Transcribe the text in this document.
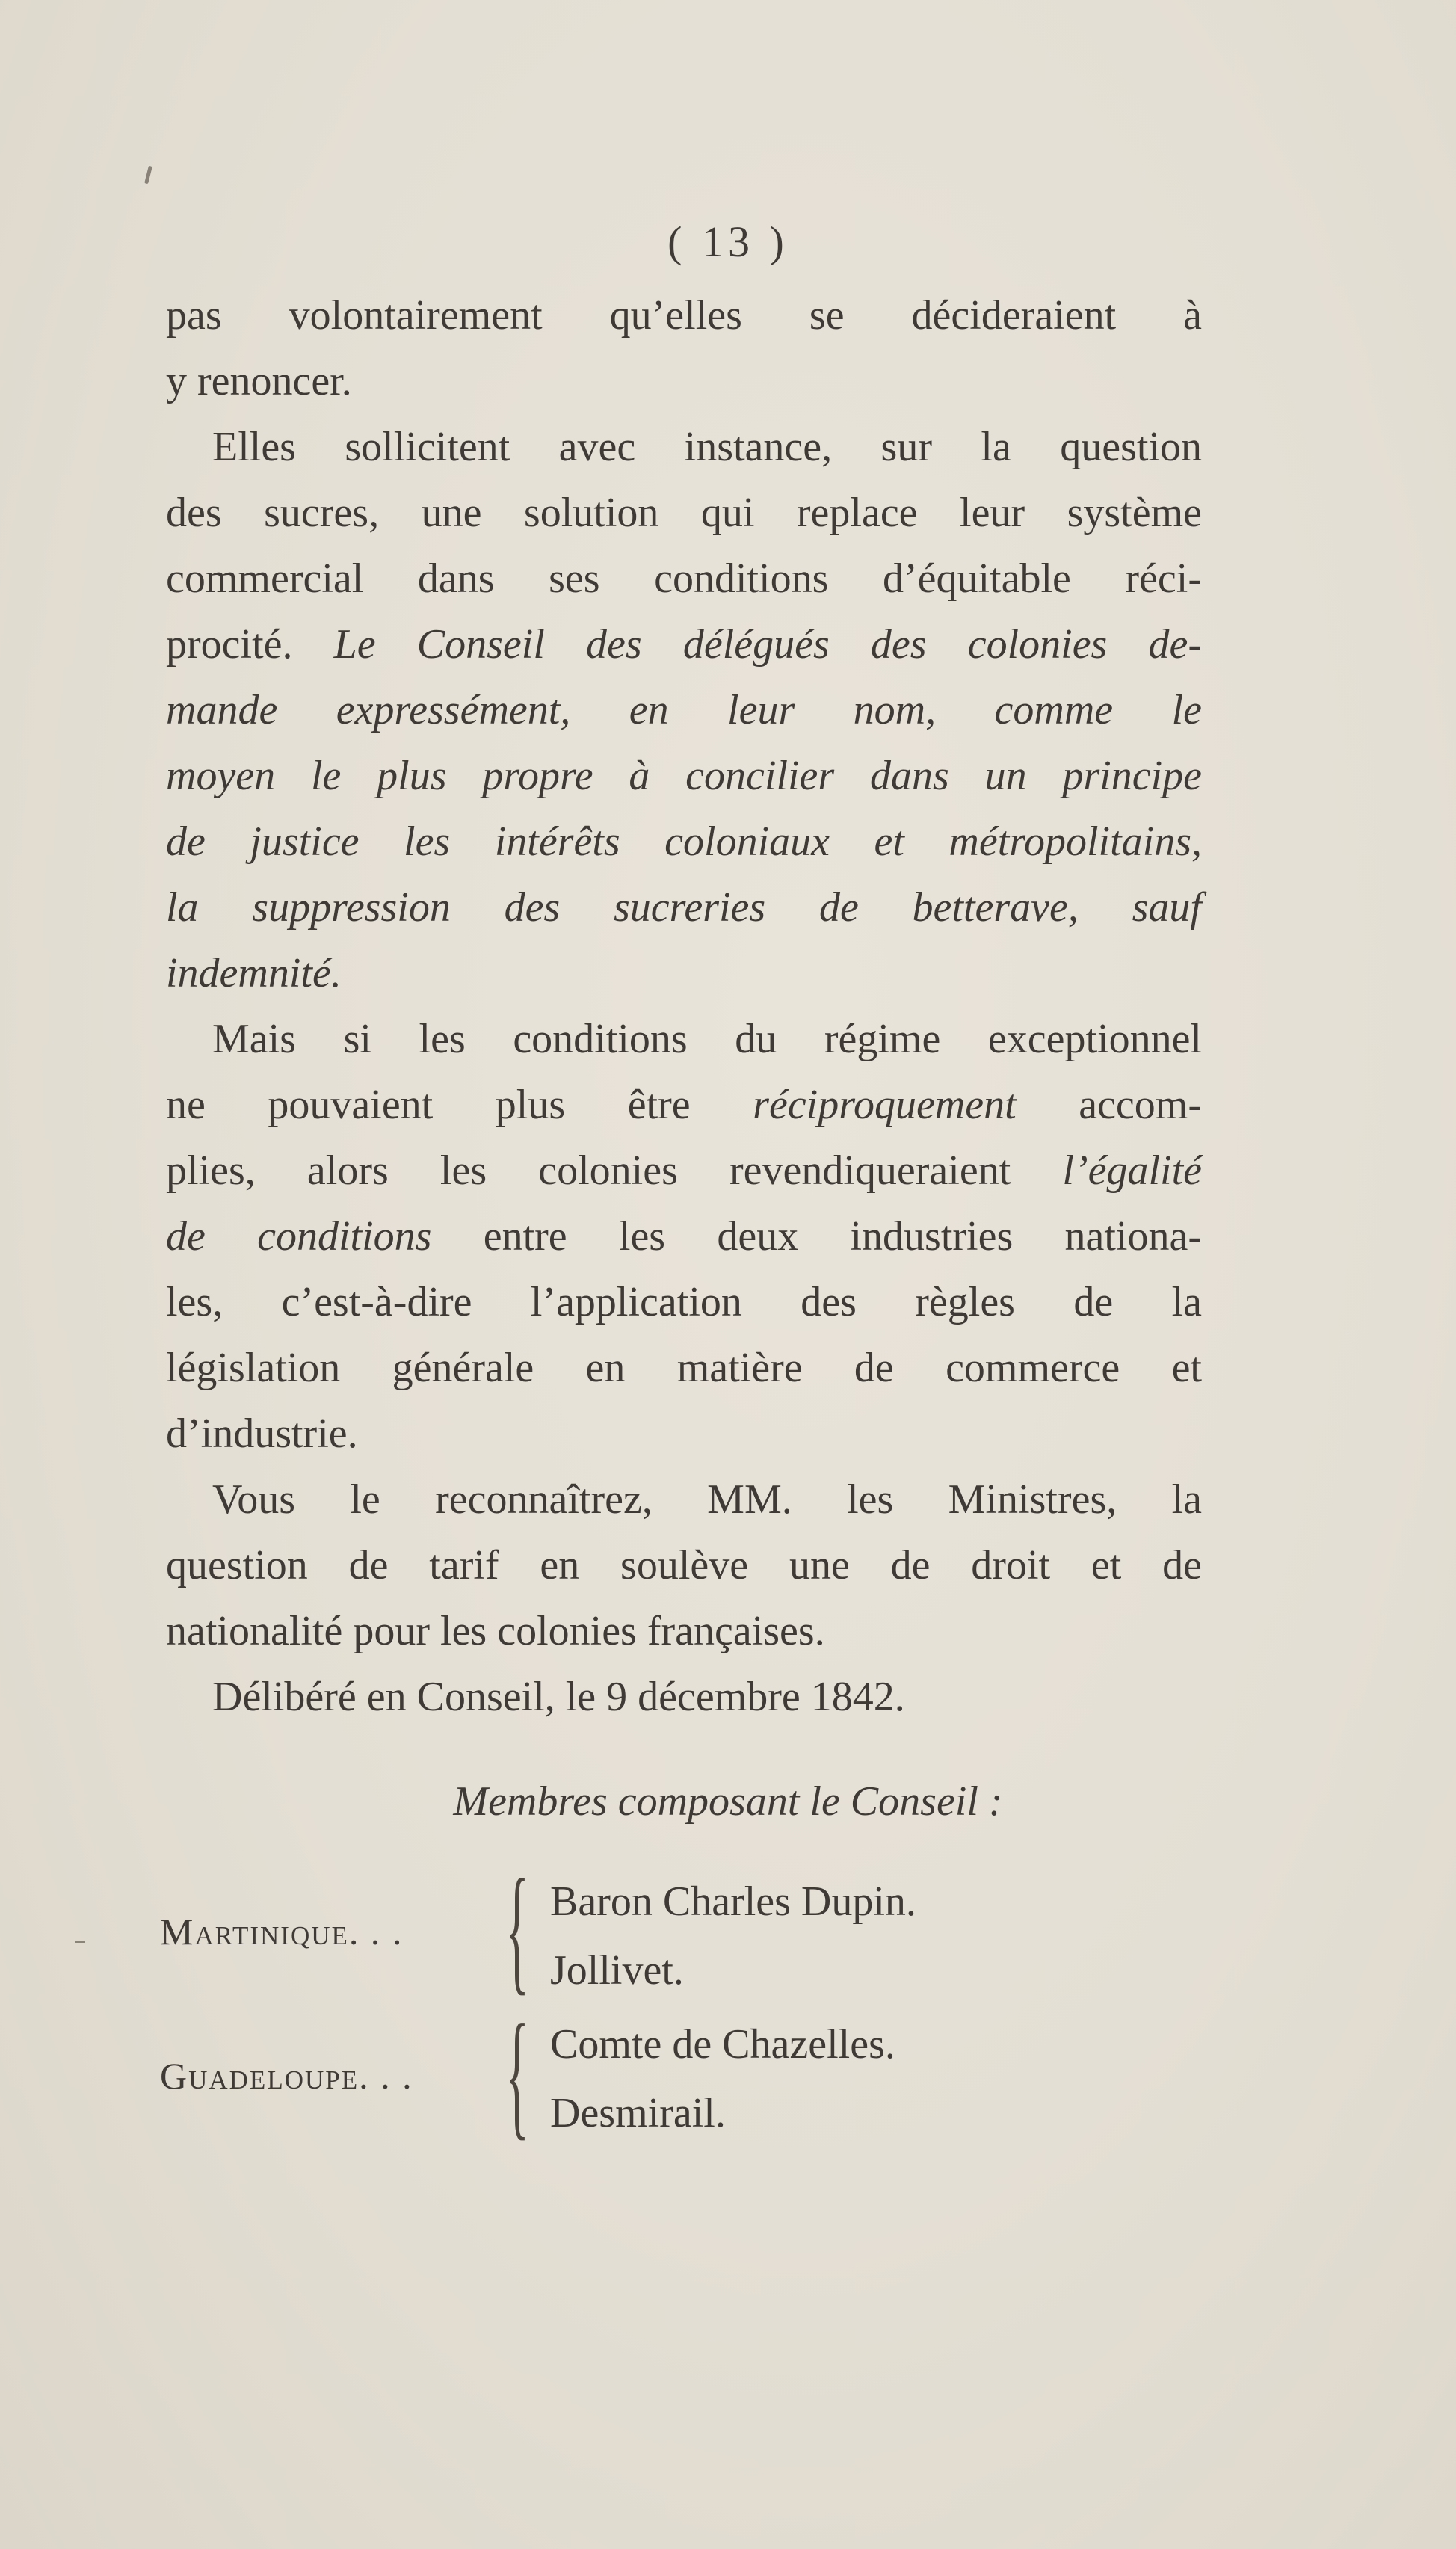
( 13 )
pas volontairement qu’elles se décideraient à
y renoncer.
Elles sollicitent avec instance, sur la question
des sucres, une solution qui replace leur système
commercial dans ses conditions d’équitable réci-
procité. Le Conseil des délégués des colonies de-
mande expressément, en leur nom, comme le
moyen le plus propre à concilier dans un principe
de justice les intérêts coloniaux et métropolitains,
la suppression des sucreries de betterave, sauf
indemnité.
Mais si les conditions du régime exceptionnel
ne pouvaient plus être réciproquement accom-
plies, alors les colonies revendiqueraient l’égalité
de conditions entre les deux industries nationa-
les, c’est-à-dire l’application des règles de la
législation générale en matière de commerce et
d’industrie.
Vous le reconnaîtrez, MM. les Ministres, la
question de tarif en soulève une de droit et de
nationalité pour les colonies françaises.
Délibéré en Conseil, le 9 décembre 1842.
Membres composant le Conseil :
Martinique. . . { Baron Charles Dupin.
Jollivet.
Guadeloupe. . . { Comte de Chazelles.
Desmirail.
